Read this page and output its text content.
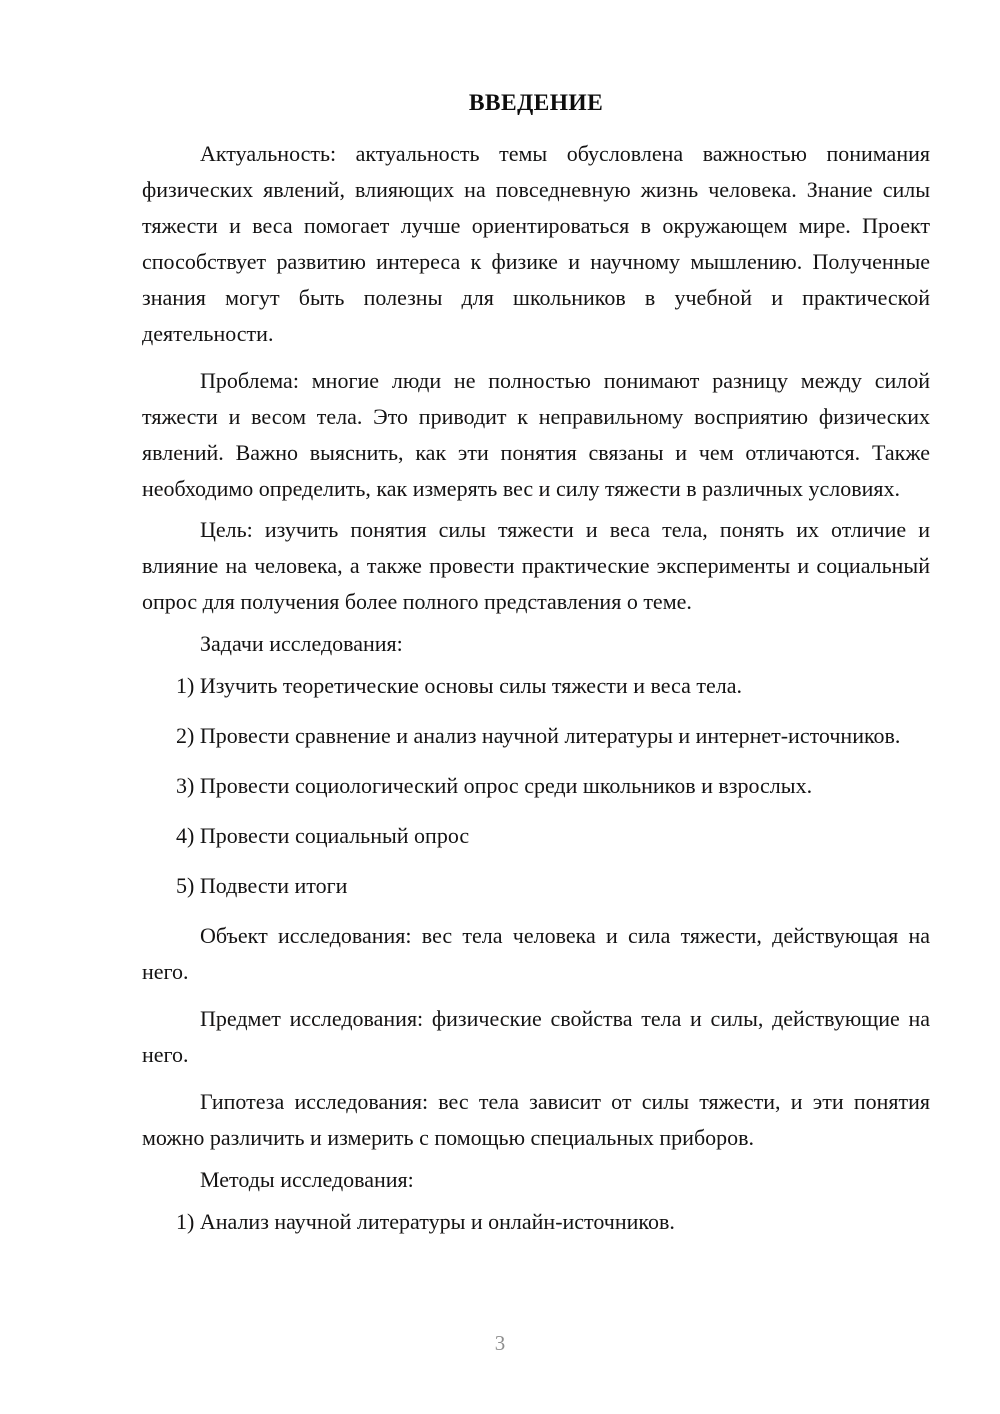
ВВЕДЕНИЕ

Актуальность: актуальность темы обусловлена важностью понимания физических явлений, влияющих на повседневную жизнь человека. Знание силы тяжести и веса помогает лучше ориентироваться в окружающем мире. Проект способствует развитию интереса к физике и научному мышлению. Полученные знания могут быть полезны для школьников в учебной и практической деятельности.

Проблема: многие люди не полностью понимают разницу между силой тяжести и весом тела. Это приводит к неправильному восприятию физических явлений. Важно выяснить, как эти понятия связаны и чем отличаются. Также необходимо определить, как измерять вес и силу тяжести в различных условиях.

Цель: изучить понятия силы тяжести и веса тела, понять их отличие и влияние на человека, а также провести практические эксперименты и социальный опрос для получения более полного представления о теме.

Задачи исследования:

1) Изучить теоретические основы силы тяжести и веса тела.
2) Провести сравнение и анализ научной литературы и интернет-источников.
3) Провести социологический опрос среди школьников и взрослых.
4) Провести социальный опрос
5) Подвести итоги

Объект исследования: вес тела человека и сила тяжести, действующая на него.

Предмет исследования: физические свойства тела и силы, действующие на него.

Гипотеза исследования: вес тела зависит от силы тяжести, и эти понятия можно различить и измерить с помощью специальных приборов.

Методы исследования:

1) Анализ научной литературы и онлайн-источников.
3
